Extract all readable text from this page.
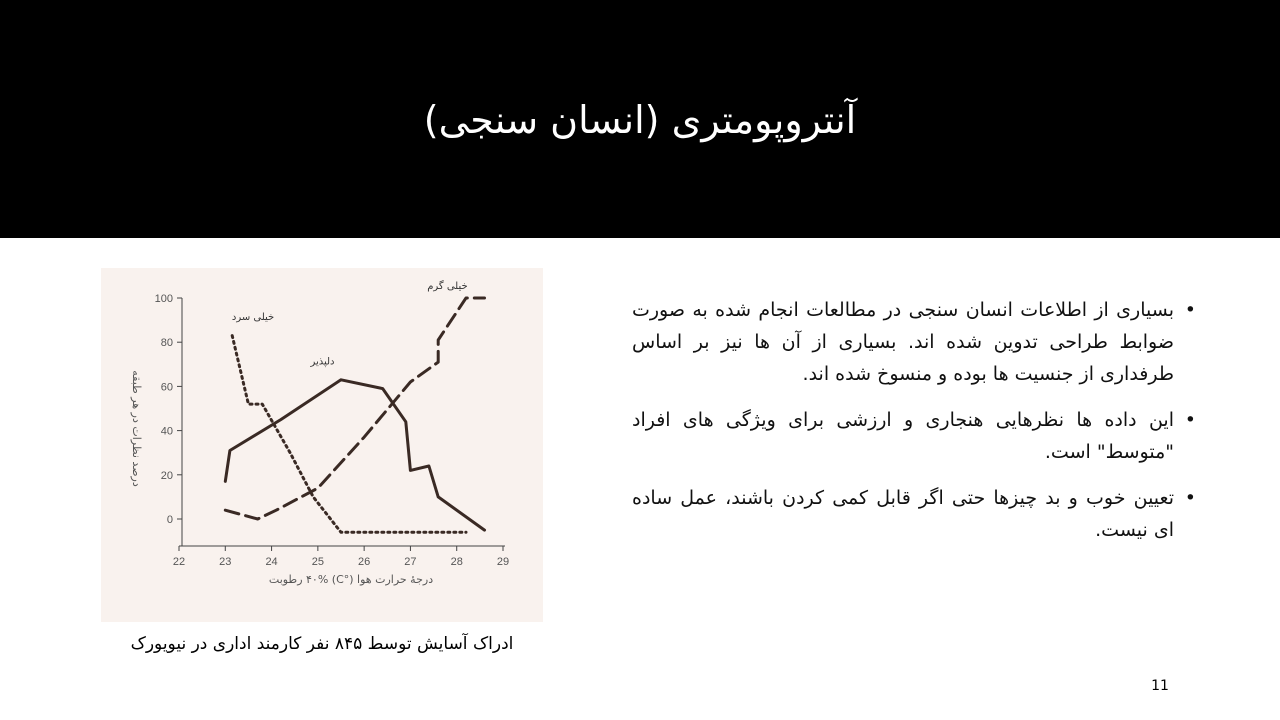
آنتروپومتری (انسان سنجی)
0
20
40
60
80
100
22	23	24	25	26	27	28	29
درجهٔ حرارت هوا (°C) ۴۰% رطوبت
درصد نظرات در هر طبقه
خیلی سرد
دلپذیر
خیلی گرم
ادراک آسایش توسط ۸۴۵ نفر کارمند اداری در نیویورک
•
بسیاری از اطلاعات انسان سنجی در مطالعات انجام شده به صورت ضوابط طراحی تدوین شده اند. بسیاری از آن ها نیز بر اساس طرفداری از جنسیت ها بوده و منسوخ شده اند.
•
این داده ها نظرهایی هنجاری و ارزشی برای ویژگی های افراد "متوسط" است.
•
تعیین خوب و بد چیزها حتی اگر قابل کمی کردن باشند، عمل ساده ای نیست.
11
